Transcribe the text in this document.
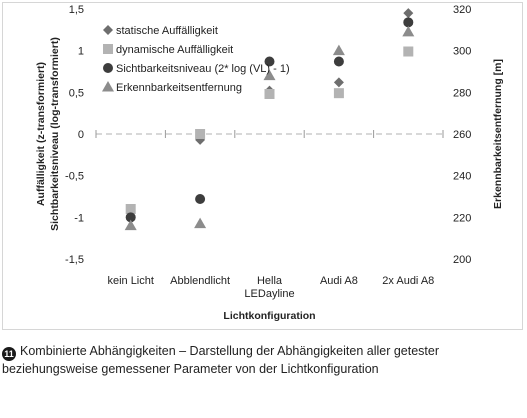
1,5
1
0,5
0
-0,5
-1
-1,5
320
300
280
260
240
220
200
kein Licht Abblendlicht Hella
LEDayline
Audi A8 2x Audi A8
statische Auffälligkeit
dynamische Auffälligkeit
Sichtbarkeitsniveau (2* log (VL) - 1)
Erkennbarkeitsentfernung
Lichtkonfiguration
Auffälligkeit (z-transformiert) Sichtbarkeitsniveau (log-transformiert)	Erkennbarkeitsentfernung [m]
11 Kombinierte Abhängigkeiten – Darstellung der Abhängigkeiten aller getester beziehungsweise gemessener Parameter von der Lichtkonfiguration
